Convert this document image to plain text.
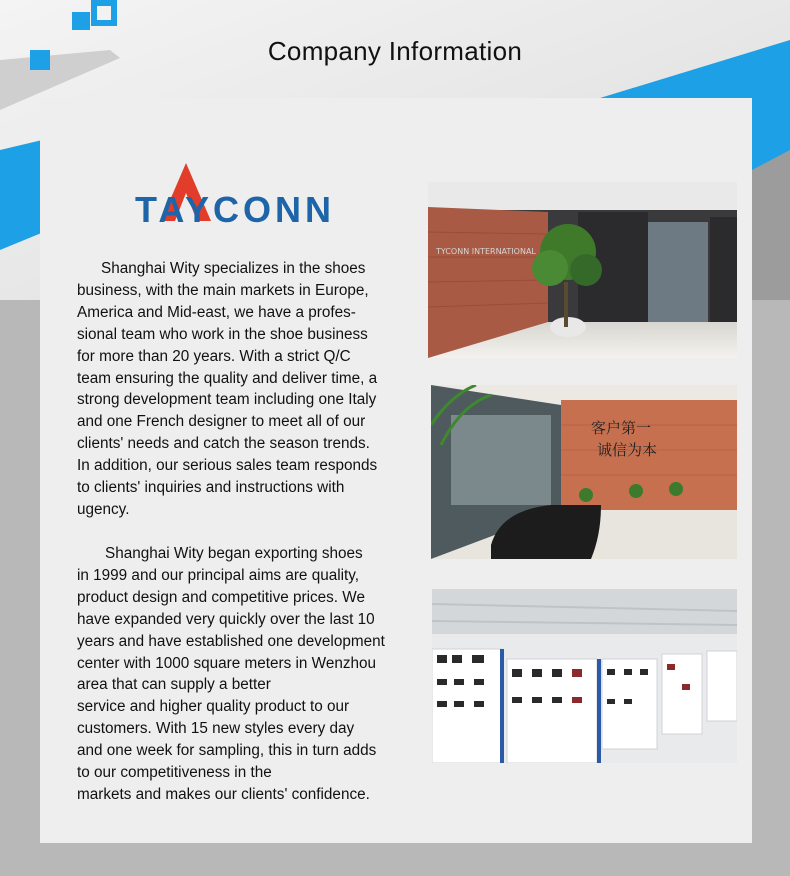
Company Information
TAYCONN
Shanghai Wity specializes in the shoes
business, with the main markets in Europe,
America and Mid-east, we have a profes-
sional team who work in the shoe business
for more than 20 years. With a strict Q/C
team ensuring the quality and deliver time, a
strong development team including one Italy
and one French designer to meet all of our
clients' needs and catch the season trends.
In addition, our serious sales team responds
to clients' inquiries and instructions with
ugency.
Shanghai Wity began exporting shoes
in 1999 and our principal aims are quality,
product design and competitive prices. We
have expanded very quickly over the last 10
years and have established one development
center with 1000 square meters in Wenzhou
area that can supply a better
service and higher quality product to our
customers. With 15 new styles every day
and one week for sampling, this in turn adds
to our competitiveness in the
markets and makes our clients' confidence.
TYCONN INTERNATIONAL
客户第一
诚信为本
